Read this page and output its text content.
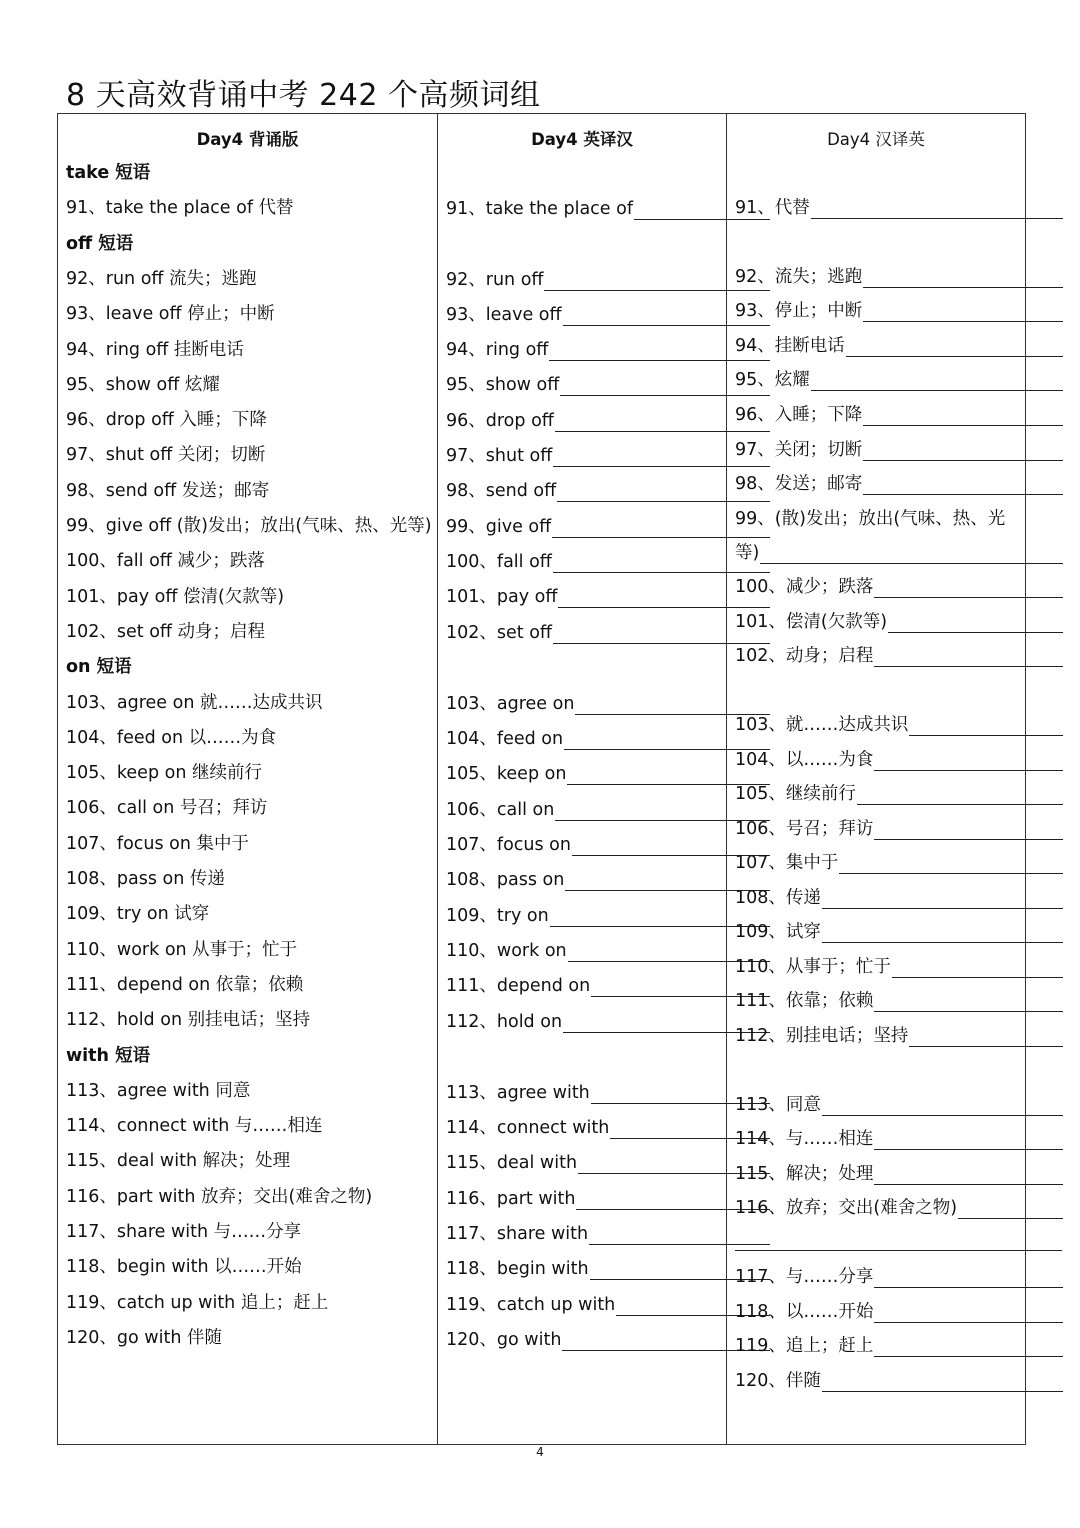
8 天高效背诵中考 242 个高频词组
Day4 背诵版
take 短语
91、take the place of 代替
off 短语
92、run off 流失；逃跑
93、leave off 停止；中断
94、ring off 挂断电话
95、show off 炫耀
96、drop off 入睡；下降
97、shut off 关闭；切断
98、send off 发送；邮寄
99、give off (散)发出；放出(气味、热、光等)
100、fall off 减少；跌落
101、pay off 偿清(欠款等)
102、set off 动身；启程
on 短语
103、agree on 就……达成共识
104、feed on 以……为食
105、keep on 继续前行
106、call on 号召；拜访
107、focus on 集中于
108、pass on 传递
109、try on 试穿
110、work on 从事于；忙于
111、depend on 依靠；依赖
112、hold on 别挂电话；坚持
with 短语
113、agree with 同意
114、connect with 与……相连
115、deal with 解决；处理
116、part with 放弃；交出(难舍之物)
117、share with 与……分享
118、begin with 以……开始
119、catch up with 追上；赶上
120、go with 伴随
Day4 英译汉
91、take the place of
92、run off
93、leave off
94、ring off
95、show off
96、drop off
97、shut off
98、send off
99、give off
100、fall off
101、pay off
102、set off
103、agree on
104、feed on
105、keep on
106、call on
107、focus on
108、pass on
109、try on
110、work on
111、depend on
112、hold on
113、agree with
114、connect with
115、deal with
116、part with
117、share with
118、begin with
119、catch up with
120、go with
Day4 汉译英
91、代替
92、流失；逃跑
93、停止；中断
94、挂断电话
95、炫耀
96、入睡；下降
97、关闭；切断
98、发送；邮寄
99、(散)发出；放出(气味、热、光
等)
100、减少；跌落
101、偿清(欠款等)
102、动身；启程
103、就……达成共识
104、以……为食
105、继续前行
106、号召；拜访
107、集中于
108、传递
109、试穿
110、从事于；忙于
111、依靠；依赖
112、别挂电话；坚持
113、同意
114、与……相连
115、解决；处理
116、放弃；交出(难舍之物)
117、与……分享
118、以……开始
119、追上；赶上
120、伴随
4
